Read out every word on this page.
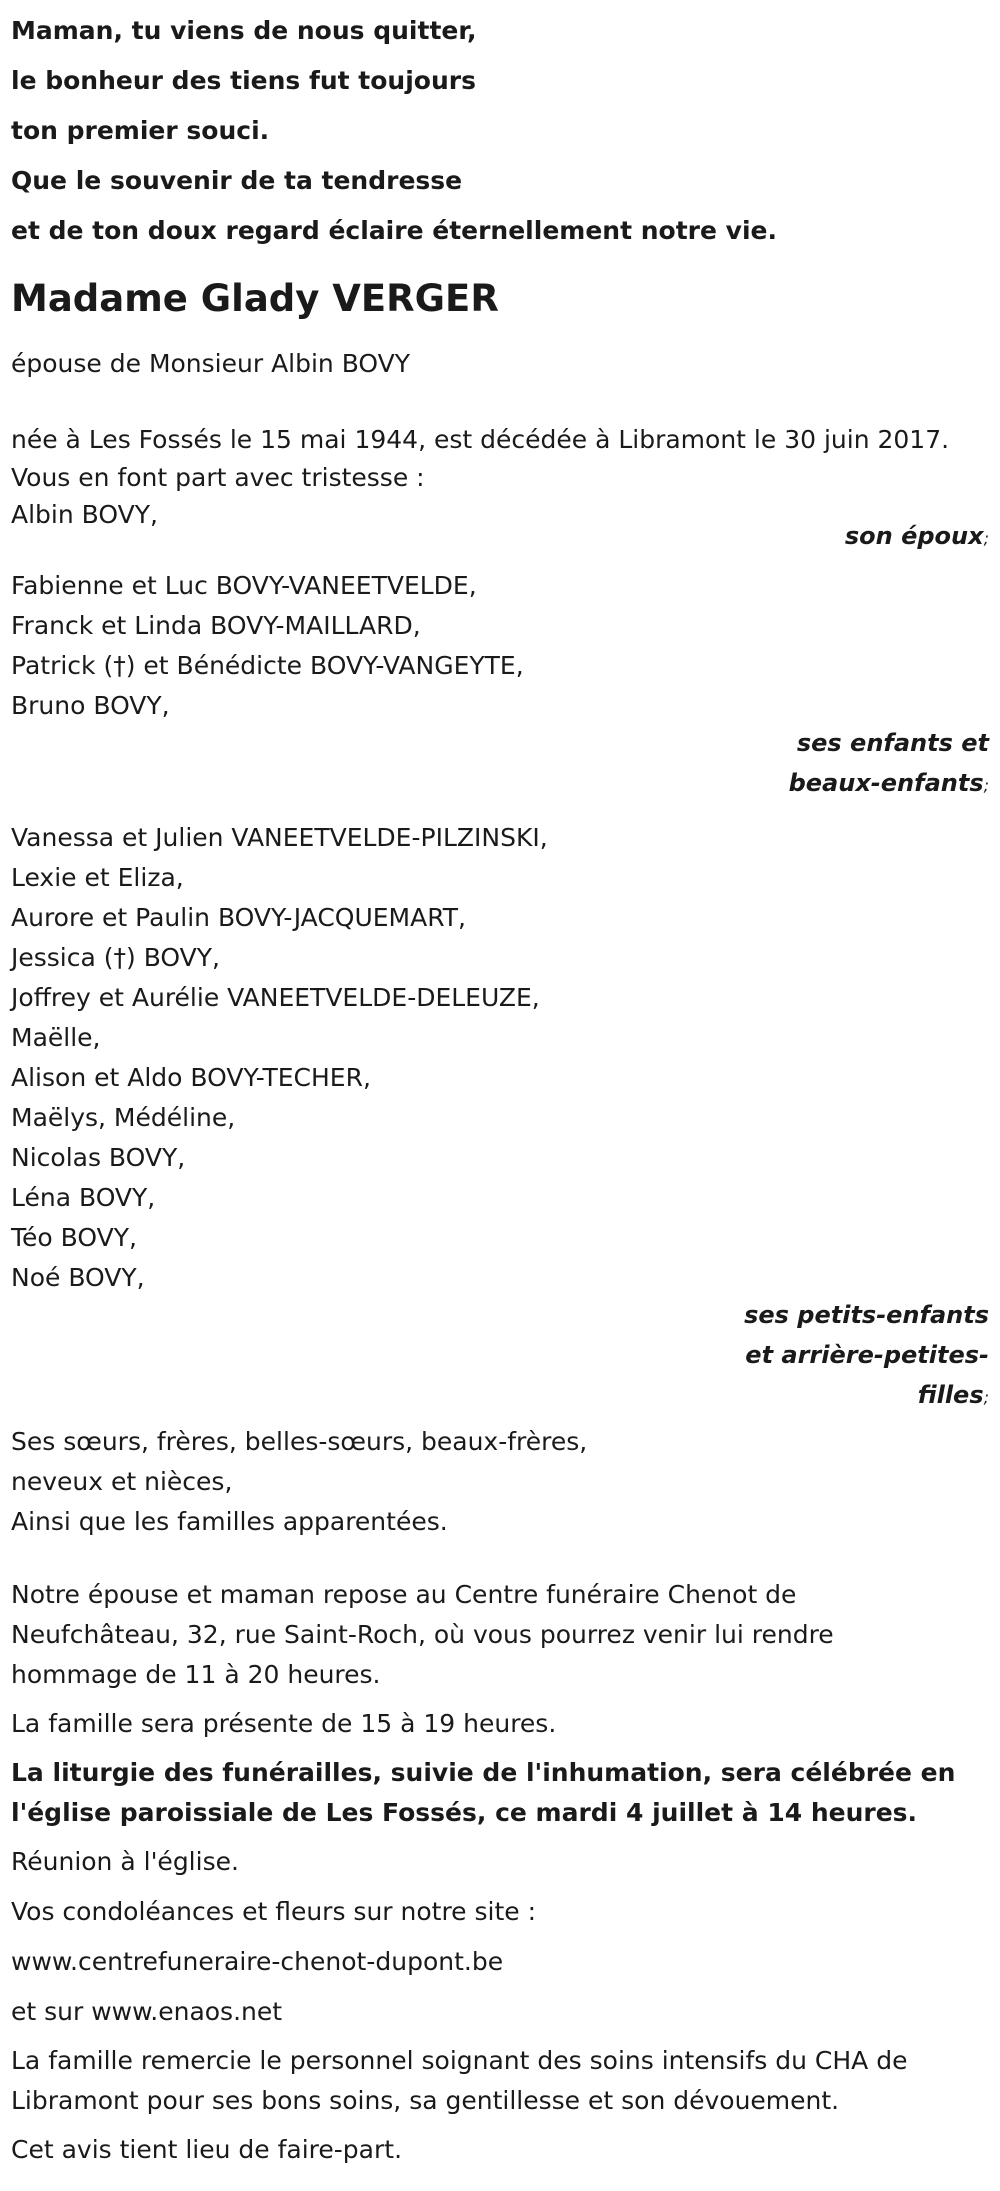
Maman, tu viens de nous quitter,
le bonheur des tiens fut toujours
ton premier souci.
Que le souvenir de ta tendresse
et de ton doux regard éclaire éternellement notre vie.
Madame Glady VERGER
épouse de Monsieur Albin BOVY
née à Les Fossés le 15 mai 1944, est décédée à Libramont le 30 juin 2017.
Vous en font part avec tristesse :
Albin BOVY,
son époux;
Fabienne et Luc BOVY-VANEETVELDE,
Franck et Linda BOVY-MAILLARD,
Patrick (†) et Bénédicte BOVY-VANGEYTE,
Bruno BOVY,
ses enfants et
beaux-enfants;
Vanessa et Julien VANEETVELDE-PILZINSKI,
Lexie et Eliza,
Aurore et Paulin BOVY-JACQUEMART,
Jessica (†) BOVY,
Joffrey et Aurélie VANEETVELDE-DELEUZE,
Maëlle,
Alison et Aldo BOVY-TECHER,
Maëlys, Médéline,
Nicolas BOVY,
Léna BOVY,
Téo BOVY,
Noé BOVY,
ses petits-enfants
et arrière-petites-
filles;
Ses sœurs, frères, belles-sœurs, beaux-frères,
neveux et nièces,
Ainsi que les familles apparentées.
Notre épouse et maman repose au Centre funéraire Chenot de
Neufchâteau, 32, rue Saint-Roch, où vous pourrez venir lui rendre
hommage de 11 à 20 heures.
La famille sera présente de 15 à 19 heures.
La liturgie des funérailles, suivie de l'inhumation, sera célébrée en
l'église paroissiale de Les Fossés, ce mardi 4 juillet à 14 heures.
Réunion à l'église.
Vos condoléances et fleurs sur notre site :
www.centrefuneraire-chenot-dupont.be
et sur www.enaos.net
La famille remercie le personnel soignant des soins intensifs du CHA de
Libramont pour ses bons soins, sa gentillesse et son dévouement.
Cet avis tient lieu de faire-part.
